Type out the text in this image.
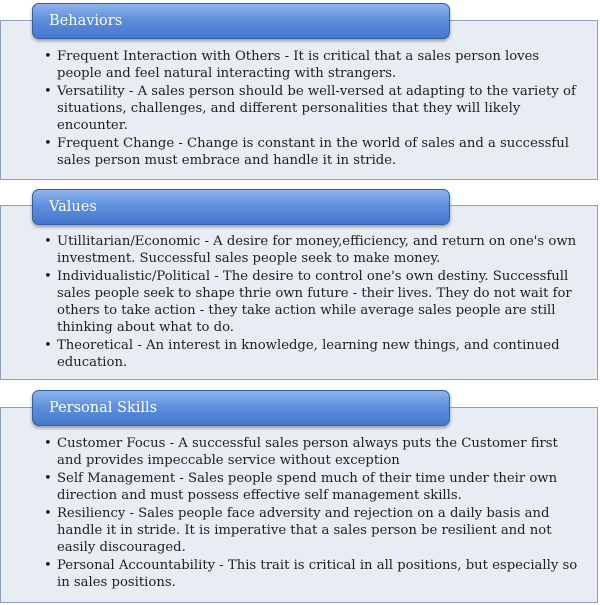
Behaviors
• Frequent Interaction with Others - It is critical that a sales person loves people and feel natural interacting with strangers.
• Versatility - A sales person should be well-versed at adapting to the variety of situations, challenges, and different personalities that they will likely encounter.
• Frequent Change - Change is constant in the world of sales and a successful sales person must embrace and handle it in stride.
Values
• Utillitarian/Economic - A desire for money,efficiency, and return on one's own investment. Successful sales people seek to make money.
• Individualistic/Political - The desire to control one's own destiny. Successfull sales people seek to shape thrie own future - their lives. They do not wait for others to take action - they take action while average sales people are still thinking about what to do.
• Theoretical - An interest in knowledge, learning new things, and continued education.
Personal Skills
• Customer Focus - A successful sales person always puts the Customer first and provides impeccable service without exception
• Self Management - Sales people spend much of their time under their own direction and must possess effective self management skills.
• Resiliency - Sales people face adversity and rejection on a daily basis and handle it in stride. It is imperative that a sales person be resilient and not easily discouraged.
• Personal Accountability - This trait is critical in all positions, but especially so in sales positions.
